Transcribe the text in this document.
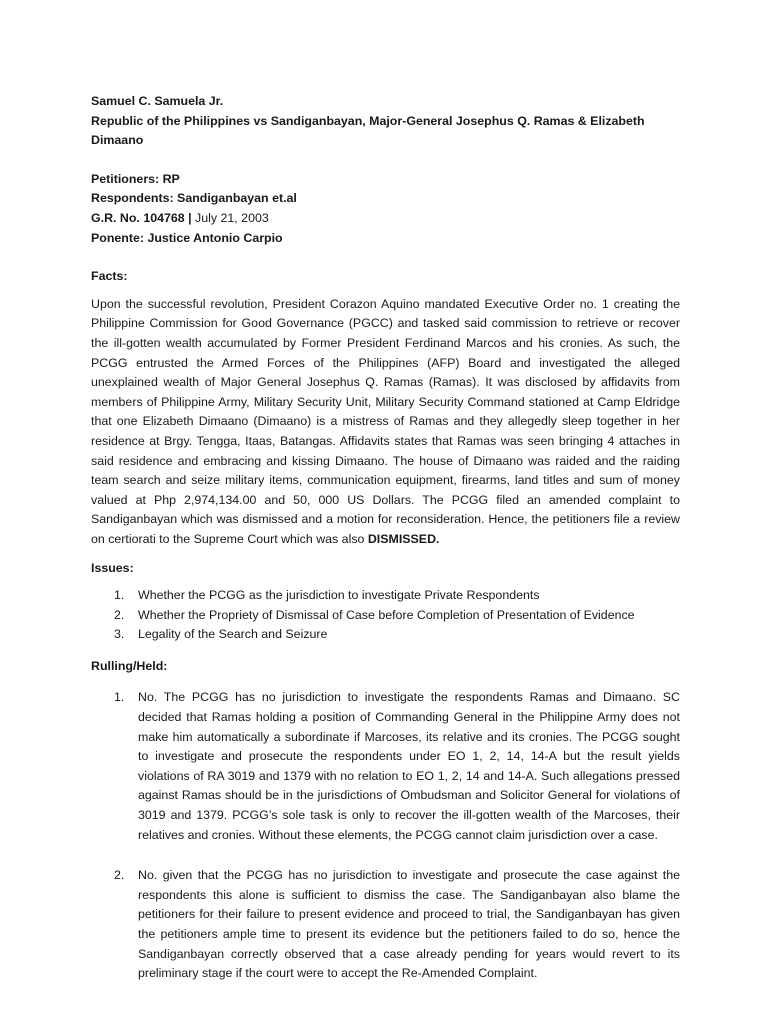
Samuel C. Samuela Jr.

Republic of the Philippines vs Sandiganbayan, Major-General Josephus Q. Ramas & Elizabeth Dimaano

Petitioners: RP

Respondents: Sandiganbayan et.al

G.R. No. 104768 | July 21, 2003

Ponente: Justice Antonio Carpio

Facts:

Upon the successful revolution, President Corazon Aquino mandated Executive Order no. 1 creating the Philippine Commission for Good Governance (PGCC) and tasked said commission to retrieve or recover the ill-gotten wealth accumulated by Former President Ferdinand Marcos and his cronies. As such, the PCGG entrusted the Armed Forces of the Philippines (AFP) Board and investigated the alleged unexplained wealth of Major General Josephus Q. Ramas (Ramas). It was disclosed by affidavits from members of Philippine Army, Military Security Unit, Military Security Command stationed at Camp Eldridge that one Elizabeth Dimaano (Dimaano) is a mistress of Ramas and they allegedly sleep together in her residence at Brgy. Tengga, Itaas, Batangas. Affidavits states that Ramas was seen bringing 4 attaches in said residence and embracing and kissing Dimaano. The house of Dimaano was raided and the raiding team search and seize military items, communication equipment, firearms, land titles and sum of money valued at Php 2,974,134.00 and 50, 000 US Dollars. The PCGG filed an amended complaint to Sandiganbayan which was dismissed and a motion for reconsideration. Hence, the petitioners file a review on certiorati to the Supreme Court which was also DISMISSED.

Issues:

1. Whether the PCGG as the jurisdiction to investigate Private Respondents
2. Whether the Propriety of Dismissal of Case before Completion of Presentation of Evidence
3. Legality of the Search and Seizure

Rulling/Held:

1. No. The PCGG has no jurisdiction to investigate the respondents Ramas and Dimaano. SC decided that Ramas holding a position of Commanding General in the Philippine Army does not make him automatically a subordinate if Marcoses, its relative and its cronies. The PCGG sought to investigate and prosecute the respondents under EO 1, 2, 14, 14-A but the result yields violations of RA 3019 and 1379 with no relation to EO 1, 2, 14 and 14-A. Such allegations pressed against Ramas should be in the jurisdictions of Ombudsman and Solicitor General for violations of 3019 and 1379. PCGG’s sole task is only to recover the ill-gotten wealth of the Marcoses, their relatives and cronies. Without these elements, the PCGG cannot claim jurisdiction over a case.
2. No. given that the PCGG has no jurisdiction to investigate and prosecute the case against the respondents this alone is sufficient to dismiss the case. The Sandiganbayan also blame the petitioners for their failure to present evidence and proceed to trial, the Sandiganbayan has given the petitioners ample time to present its evidence but the petitioners failed to do so, hence the Sandiganbayan correctly observed that a case already pending for years would revert to its preliminary stage if the court were to accept the Re-Amended Complaint.
